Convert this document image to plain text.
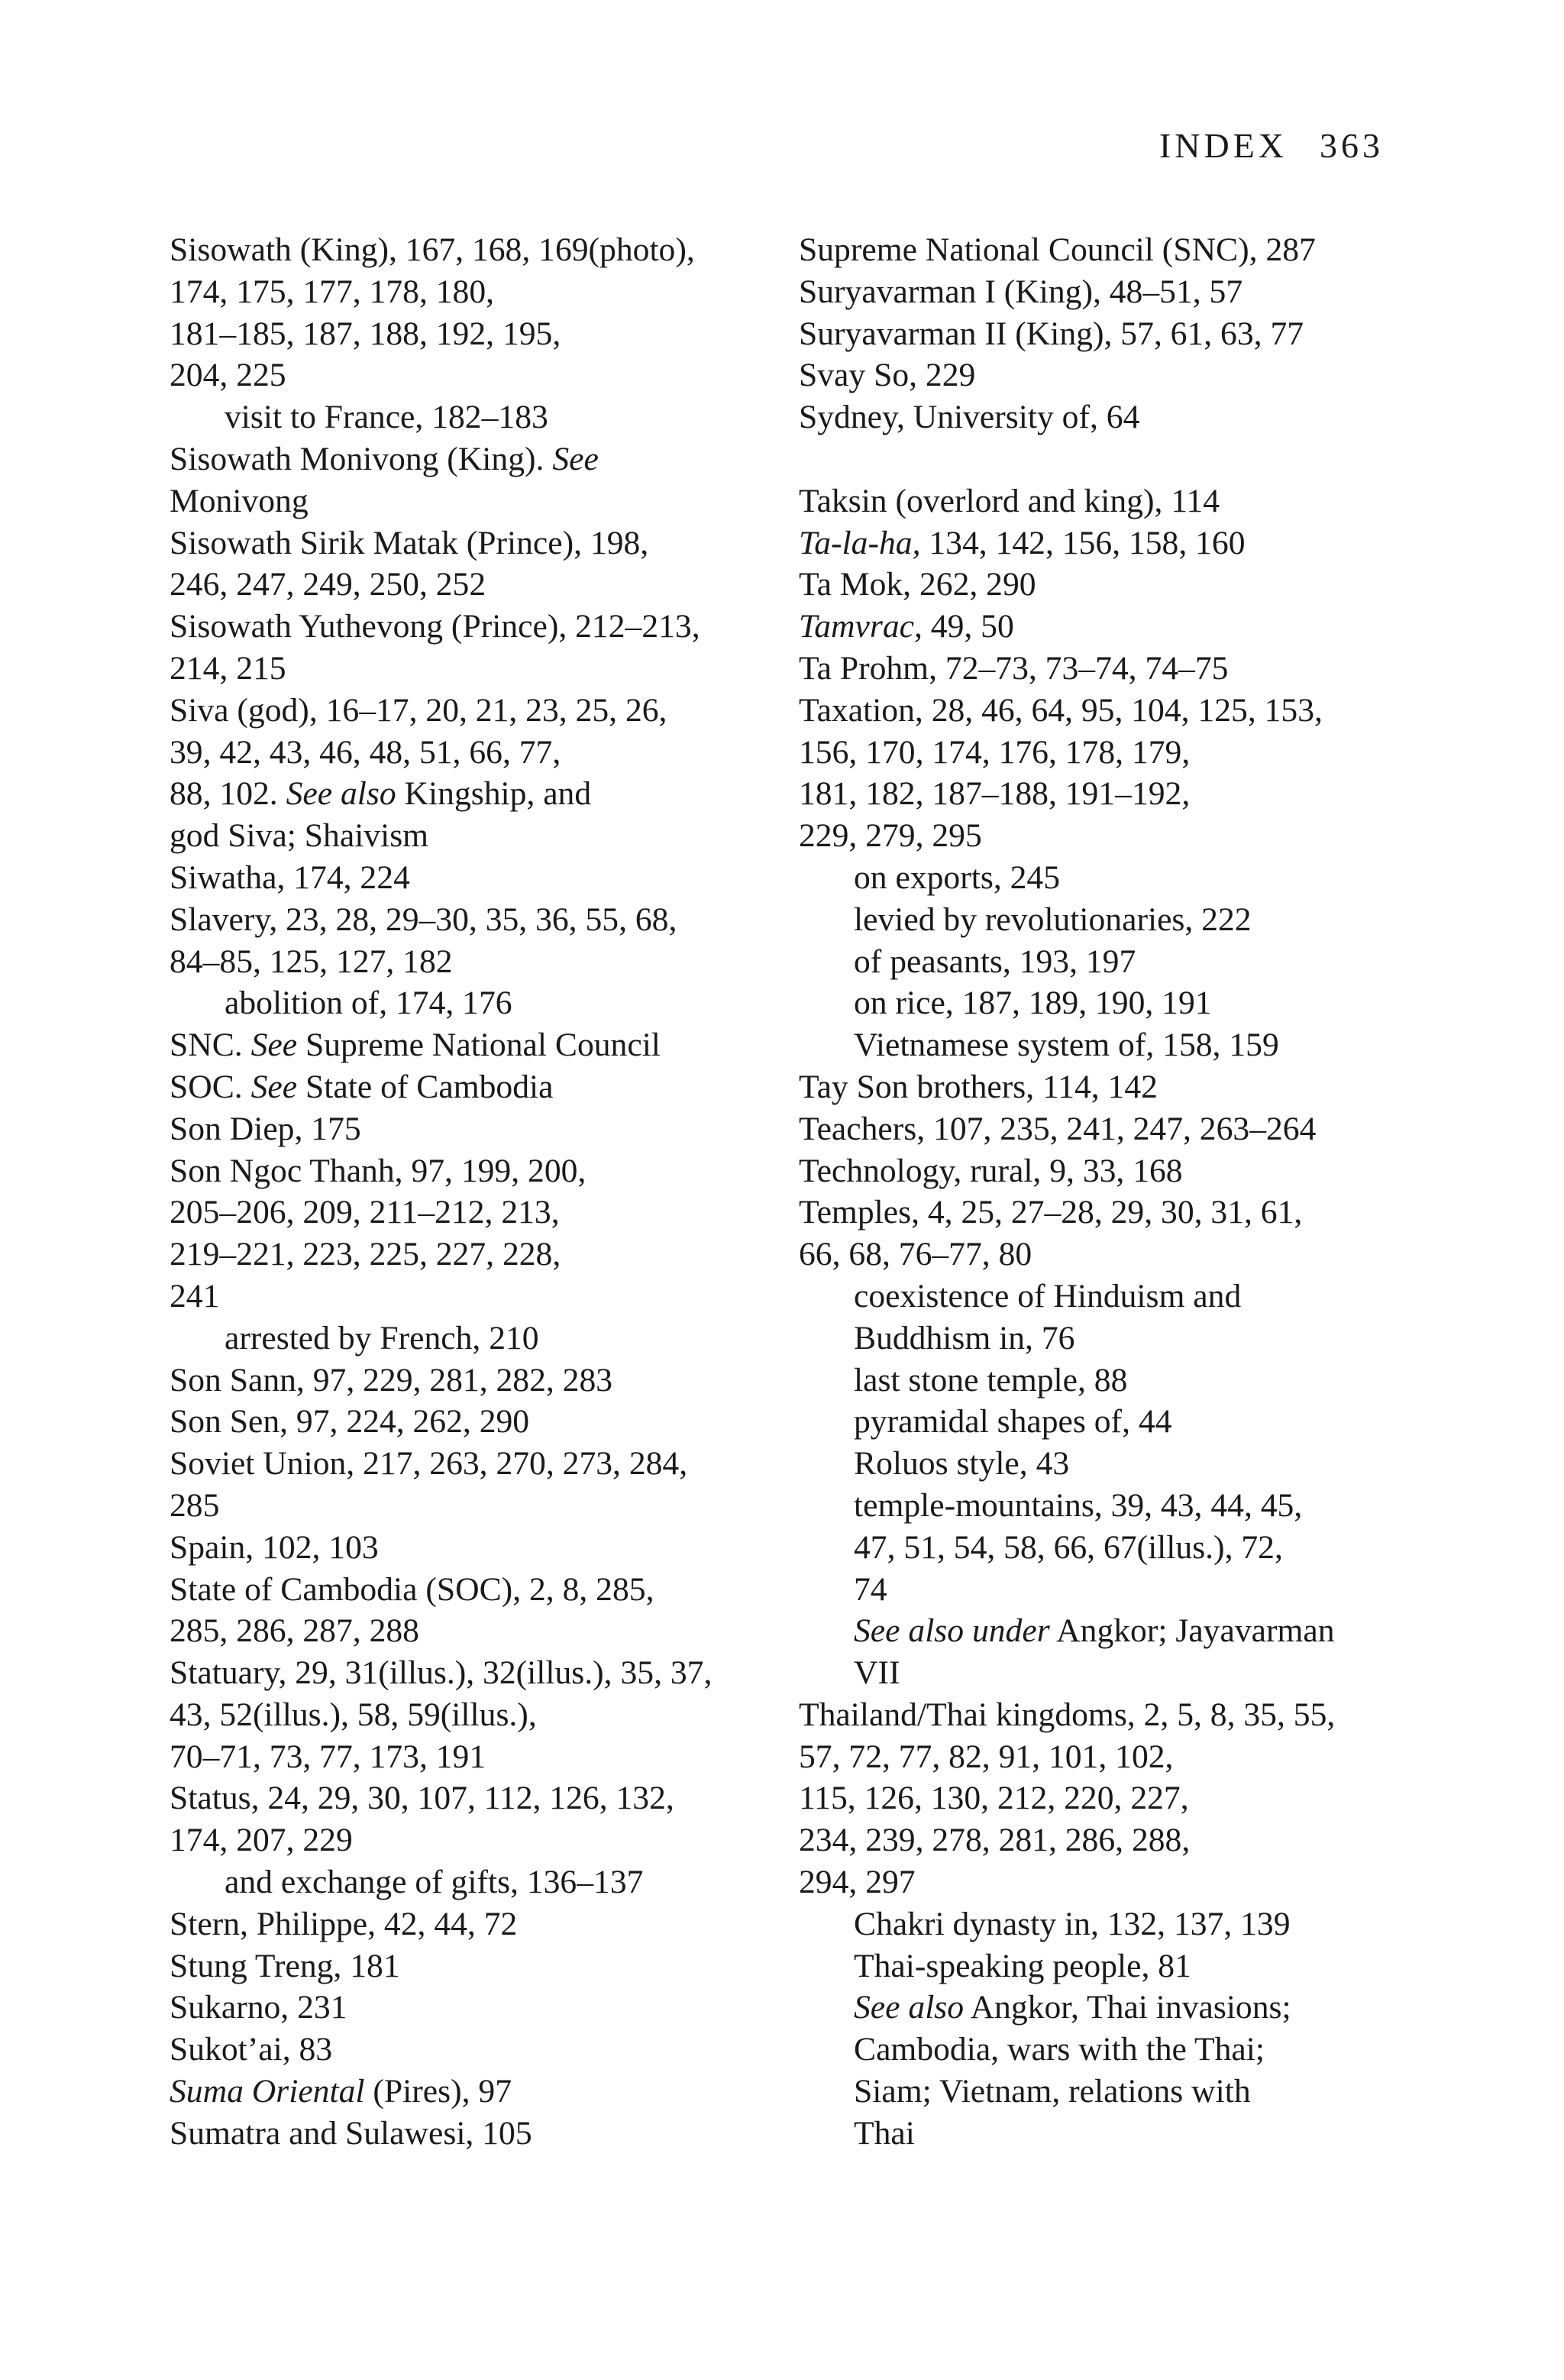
INDEX 363

Sisowath (King), 167, 168, 169(photo),
174, 175, 177, 178, 180,
181–185, 187, 188, 192, 195,
204, 225

visit to France, 182–183

Sisowath Monivong (King). See
Monivong

Sisowath Sirik Matak (Prince), 198,
246, 247, 249, 250, 252

Sisowath Yuthevong (Prince), 212–213,
214, 215

Siva (god), 16–17, 20, 21, 23, 25, 26,
39, 42, 43, 46, 48, 51, 66, 77,
88, 102. See also Kingship, and
god Siva; Shaivism

Siwatha, 174, 224

Slavery, 23, 28, 29–30, 35, 36, 55, 68,
84–85, 125, 127, 182

abolition of, 174, 176

SNC. See Supreme National Council

SOC. See State of Cambodia

Son Diep, 175

Son Ngoc Thanh, 97, 199, 200,
205–206, 209, 211–212, 213,
219–221, 223, 225, 227, 228,
241

arrested by French, 210

Son Sann, 97, 229, 281, 282, 283

Son Sen, 97, 224, 262, 290

Soviet Union, 217, 263, 270, 273, 284,
285

Spain, 102, 103

State of Cambodia (SOC), 2, 8, 285,
285, 286, 287, 288

Statuary, 29, 31(illus.), 32(illus.), 35, 37,
43, 52(illus.), 58, 59(illus.),
70–71, 73, 77, 173, 191

Status, 24, 29, 30, 107, 112, 126, 132,
174, 207, 229

and exchange of gifts, 136–137

Stern, Philippe, 42, 44, 72

Stung Treng, 181

Sukarno, 231

Sukot’ai, 83

Suma Oriental (Pires), 97

Sumatra and Sulawesi, 105

Supreme National Council (SNC), 287

Suryavarman I (King), 48–51, 57

Suryavarman II (King), 57, 61, 63, 77

Svay So, 229

Sydney, University of, 64

Taksin (overlord and king), 114

Ta-la-ha, 134, 142, 156, 158, 160

Ta Mok, 262, 290

Tamvrac, 49, 50

Ta Prohm, 72–73, 73–74, 74–75

Taxation, 28, 46, 64, 95, 104, 125, 153,
156, 170, 174, 176, 178, 179,
181, 182, 187–188, 191–192,
229, 279, 295

on exports, 245

levied by revolutionaries, 222

of peasants, 193, 197

on rice, 187, 189, 190, 191

Vietnamese system of, 158, 159

Tay Son brothers, 114, 142

Teachers, 107, 235, 241, 247, 263–264

Technology, rural, 9, 33, 168

Temples, 4, 25, 27–28, 29, 30, 31, 61,
66, 68, 76–77, 80

coexistence of Hinduism and
Buddhism in, 76

last stone temple, 88

pyramidal shapes of, 44

Roluos style, 43

temple-mountains, 39, 43, 44, 45,
47, 51, 54, 58, 66, 67(illus.), 72,
74

See also under Angkor; Jayavarman
VII

Thailand/Thai kingdoms, 2, 5, 8, 35, 55,
57, 72, 77, 82, 91, 101, 102,
115, 126, 130, 212, 220, 227,
234, 239, 278, 281, 286, 288,
294, 297

Chakri dynasty in, 132, 137, 139

Thai-speaking people, 81

See also Angkor, Thai invasions;
Cambodia, wars with the Thai;
Siam; Vietnam, relations with
Thai
